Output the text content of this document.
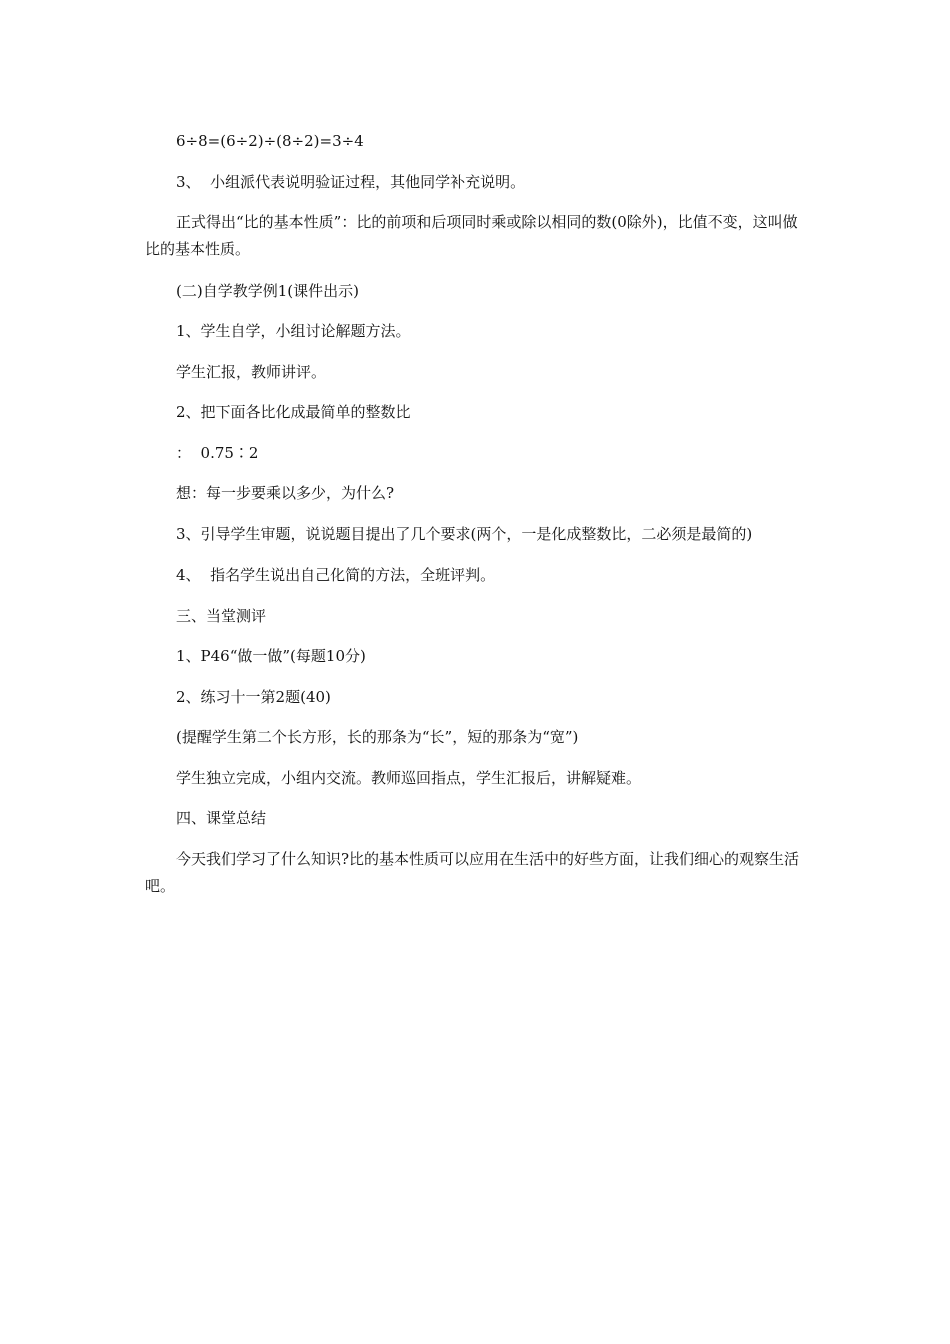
6÷8=(6÷2)÷(8÷2)=3÷4

3、  小组派代表说明验证过程，其他同学补充说明。

正式得出“比的基本性质”：比的前项和后项同时乘或除以相同的数(0除外)，比值不变，这叫做比的基本性质。

(二)自学教学例1(课件出示)

1、学生自学，小组讨论解题方法。

学生汇报，教师讲评。

2、把下面各比化成最简单的整数比

：  0.75∶2

想：每一步要乘以多少，为什么?

3、引导学生审题，说说题目提出了几个要求(两个，一是化成整数比，二必须是最简的)

4、  指名学生说出自己化简的方法，全班评判。

三、当堂测评

1、P46“做一做”(每题10分)

2、练习十一第2题(40)

(提醒学生第二个长方形，长的那条为“长”，短的那条为“宽”)

学生独立完成，小组内交流。教师巡回指点，学生汇报后，讲解疑难。

四、课堂总结

今天我们学习了什么知识?比的基本性质可以应用在生活中的好些方面，让我们细心的观察生活吧。
